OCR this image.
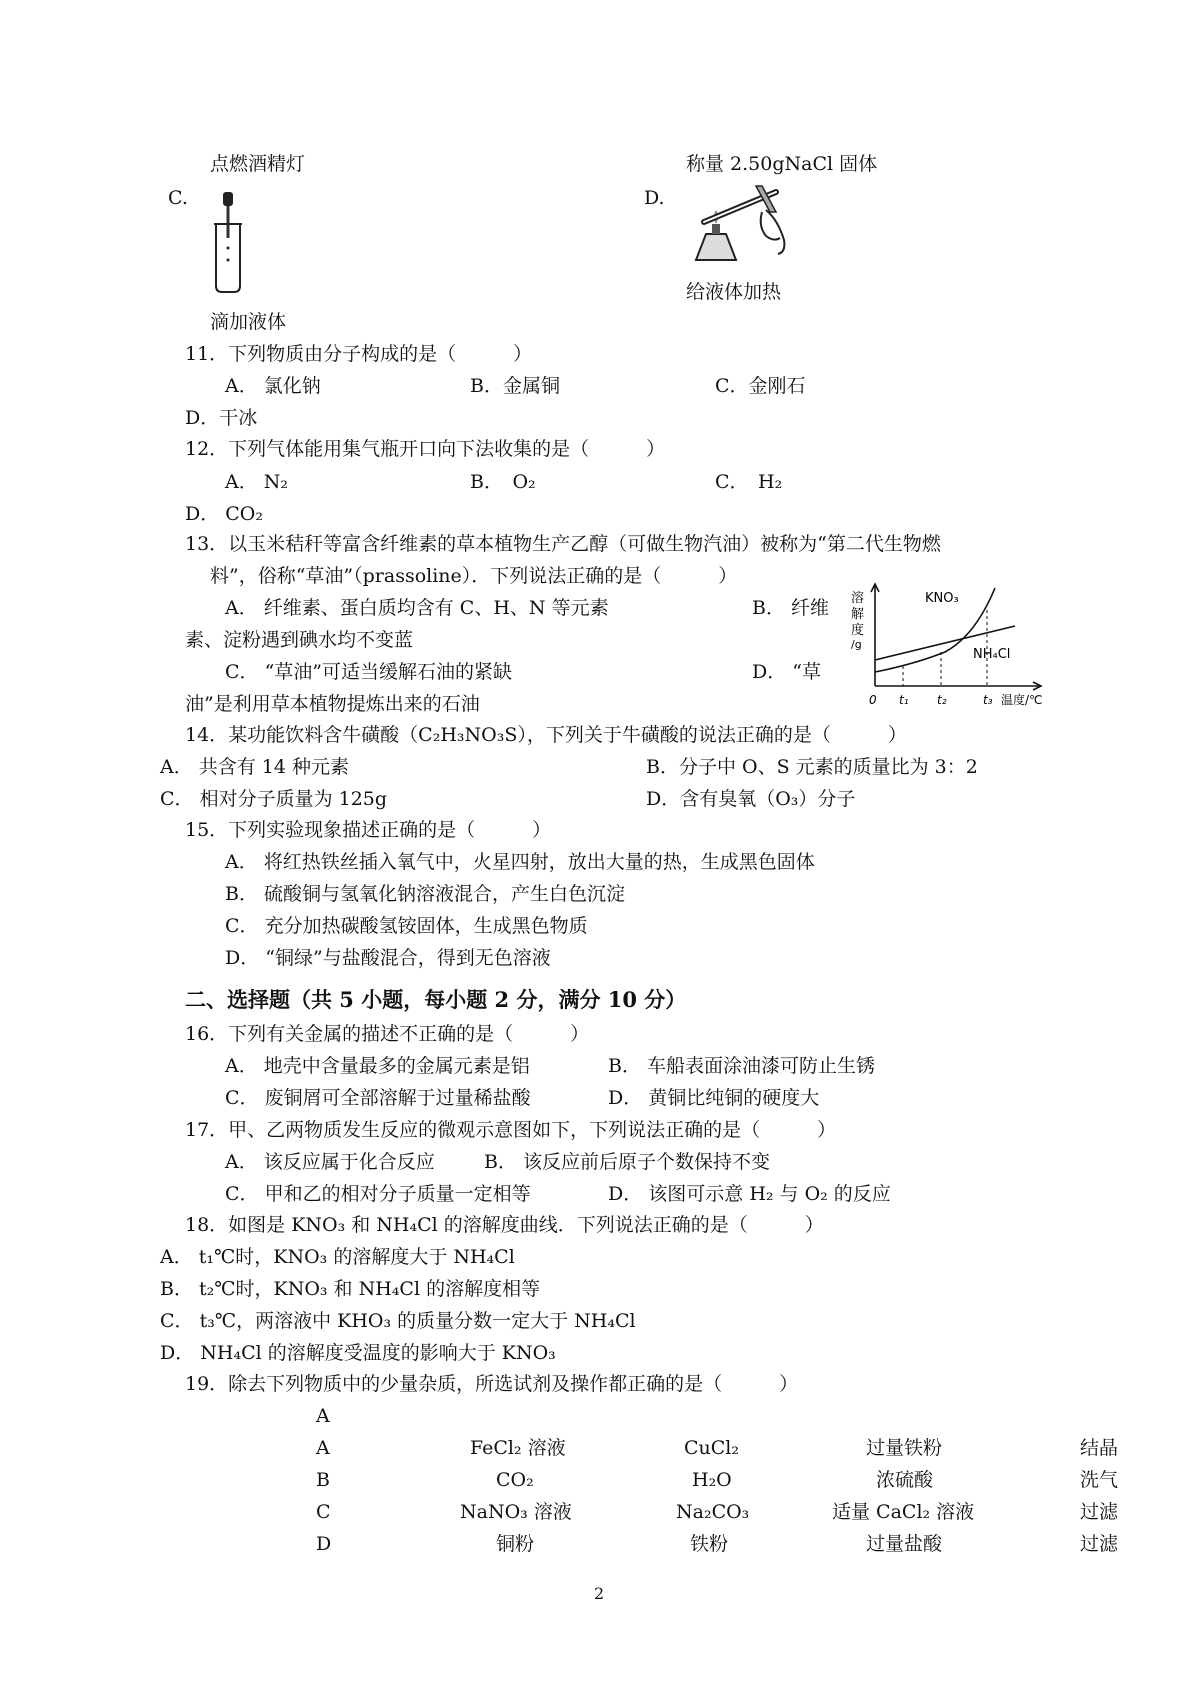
点燃酒精灯	称量 2.50gNaCl 固体
C.	D.
给液体加热
滴加液体
11．下列物质由分子构成的是（　　　）
A． 氯化钠	B．金属铜	C．金刚石
D．干冰
12．下列气体能用集气瓶开口向下法收集的是（　　　）
A． N₂	B．　O₂	C．　H₂
D． CO₂
13．以玉米秸秆等富含纤维素的草本植物生产乙醇（可做生物汽油）被称为“第二代生物燃
料”，俗称“草油”（prassoline）．下列说法正确的是（　　　）
A． 纤维素、蛋白质均含有 C、H、N 等元素	B． 纤维
素、淀粉遇到碘水均不变蓝
C． “草油”可适当缓解石油的紧缺	D． “草
油”是利用草本植物提炼出来的石油
溶
解
度
/g
KNO₃
NH₄Cl
0 t₁ t₂	t₃ 温度/℃
14．某功能饮料含牛磺酸（C₂H₃NO₃S），下列关于牛磺酸的说法正确的是（　　　）
A． 共含有 14 种元素	B．分子中 O、S 元素的质量比为 3：2
C． 相对分子质量为 125g	D．含有臭氧（O₃）分子
15．下列实验现象描述正确的是（　　　）
A． 将红热铁丝插入氧气中，火星四射，放出大量的热，生成黑色固体
B． 硫酸铜与氢氧化钠溶液混合，产生白色沉淀
C． 充分加热碳酸氢铵固体，生成黑色物质
D． “铜绿”与盐酸混合，得到无色溶液
二、选择题（共 5 小题，每小题 2 分，满分 10 分）
16．下列有关金属的描述不正确的是（　　　）
A． 地壳中含量最多的金属元素是铝	B． 车船表面涂油漆可防止生锈
C． 废铜屑可全部溶解于过量稀盐酸	D． 黄铜比纯铜的硬度大
17．甲、乙两物质发生反应的微观示意图如下，下列说法正确的是（　　　）
A． 该反应属于化合反应	B． 该反应前后原子个数保持不变
C． 甲和乙的相对分子质量一定相等	D． 该图可示意 H₂ 与 O₂ 的反应
18．如图是 KNO₃ 和 NH₄Cl 的溶解度曲线．下列说法正确的是（　　　）
A． t₁℃时，KNO₃ 的溶解度大于 NH₄Cl
B． t₂℃时，KNO₃ 和 NH₄Cl 的溶解度相等
C． t₃℃，两溶液中 KHO₃ 的质量分数一定大于 NH₄Cl
D． NH₄Cl 的溶解度受温度的影响大于 KNO₃
19．除去下列物质中的少量杂质，所选试剂及操作都正确的是（　　　）
A
A	FeCl₂ 溶液	CuCl₂	过量铁粉	结晶
B	CO₂	H₂O	浓硫酸	洗气
C	NaNO₃ 溶液	Na₂CO₃	适量 CaCl₂ 溶液	过滤
D	铜粉	铁粉	过量盐酸	过滤
2
